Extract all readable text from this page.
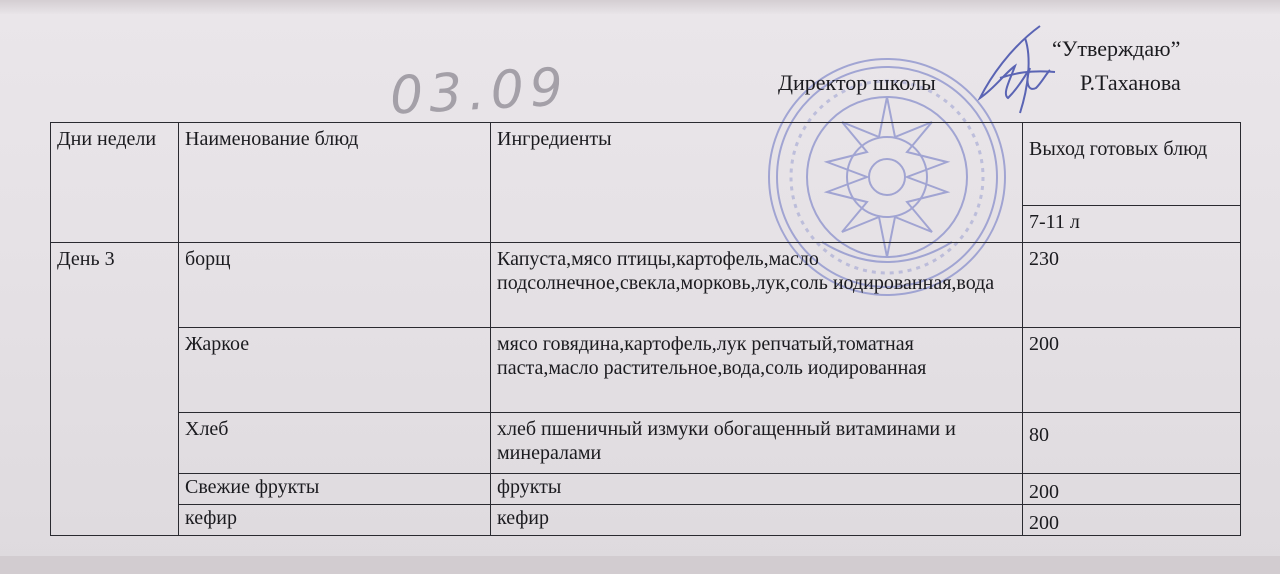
03.09
“Утверждаю”
Директор школы	Р.Таханова
Дни недели	Наименование блюд	Ингредиенты	Выход готовых блюд
			7-11 л
День 3	борщ	Капуста,мясо птицы,картофель,масло подсолнечное,свекла,морковь,лук,соль иодированная,вода	230
	Жаркое	мясо говядина,картофель,лук репчатый,томатная паста,масло растительное,вода,соль иодированная	200
	Хлеб	хлеб пшеничный измуки обогащенный витаминами и минералами	80
	Свежие фрукты	фрукты	200
	кефир	кефир	200
